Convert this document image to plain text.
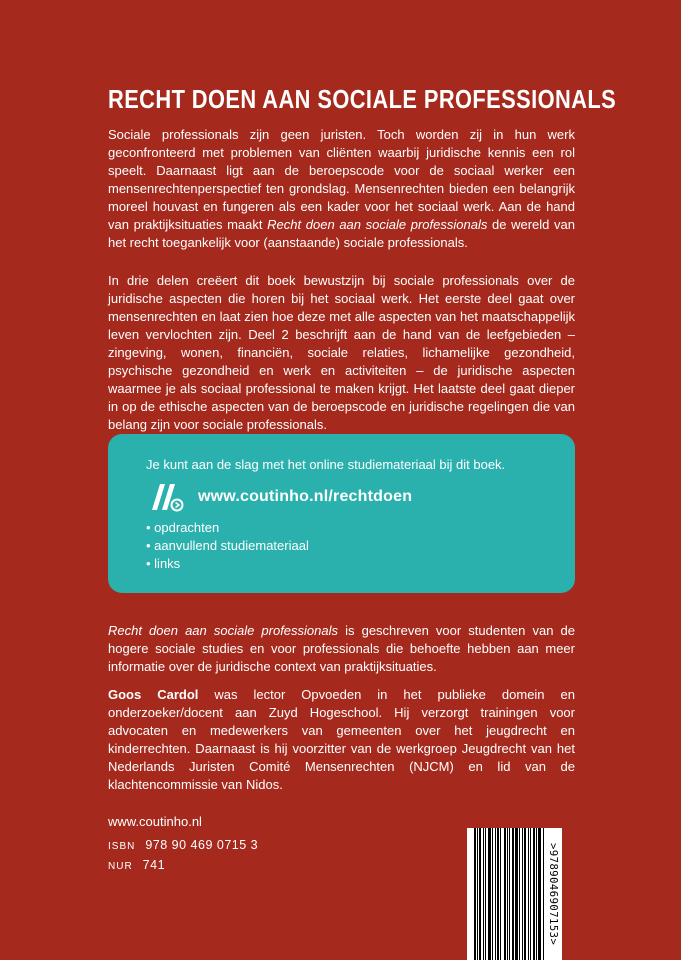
RECHT DOEN AAN SOCIALE PROFESSIONALS

Sociale professionals zijn geen juristen. Toch worden zij in hun werk geconfronteerd met problemen van cliënten waarbij juridische kennis een rol speelt. Daarnaast ligt aan de beroepscode voor de sociaal werker een mensenrechtenperspectief ten grondslag. Mensenrechten bieden een belangrijk moreel houvast en fungeren als een kader voor het sociaal werk. Aan de hand van praktijksituaties maakt Recht doen aan sociale professionals de wereld van het recht toegankelijk voor (aanstaande) sociale professionals.

In drie delen creëert dit boek bewustzijn bij sociale professionals over de juridische aspecten die horen bij het sociaal werk. Het eerste deel gaat over mensenrechten en laat zien hoe deze met alle aspecten van het maatschappelijk leven vervlochten zijn. Deel 2 beschrijft aan de hand van de leefgebieden – zingeving, wonen, financiën, sociale relaties, lichamelijke gezondheid, psychische gezondheid en werk en activiteiten – de juridische aspecten waarmee je als sociaal professional te maken krijgt. Het laatste deel gaat dieper in op de ethische aspecten van de beroepscode en juridische regelingen die van belang zijn voor sociale professionals.

Je kunt aan de slag met het online studiemateriaal bij dit boek.
www.coutinho.nl/rechtdoen
• opdrachten
• aanvullend studiemateriaal
• links

Recht doen aan sociale professionals is geschreven voor studenten van de hogere sociale studies en voor professionals die behoefte hebben aan meer informatie over de juridische context van praktijksituaties.

Goos Cardol was lector Opvoeden in het publieke domein en onderzoeker/docent aan Zuyd Hogeschool. Hij verzorgt trainingen voor advocaten en medewerkers van gemeenten over het jeugdrecht en kinderrechten. Daarnaast is hij voorzitter van de werkgroep Jeugdrecht van het Nederlands Juristen Comité Mensenrechten (NJCM) en lid van de klachtencommissie van Nidos.

www.coutinho.nl
ISBN 978 90 469 0715 3
NUR 741	>9789046907153>
